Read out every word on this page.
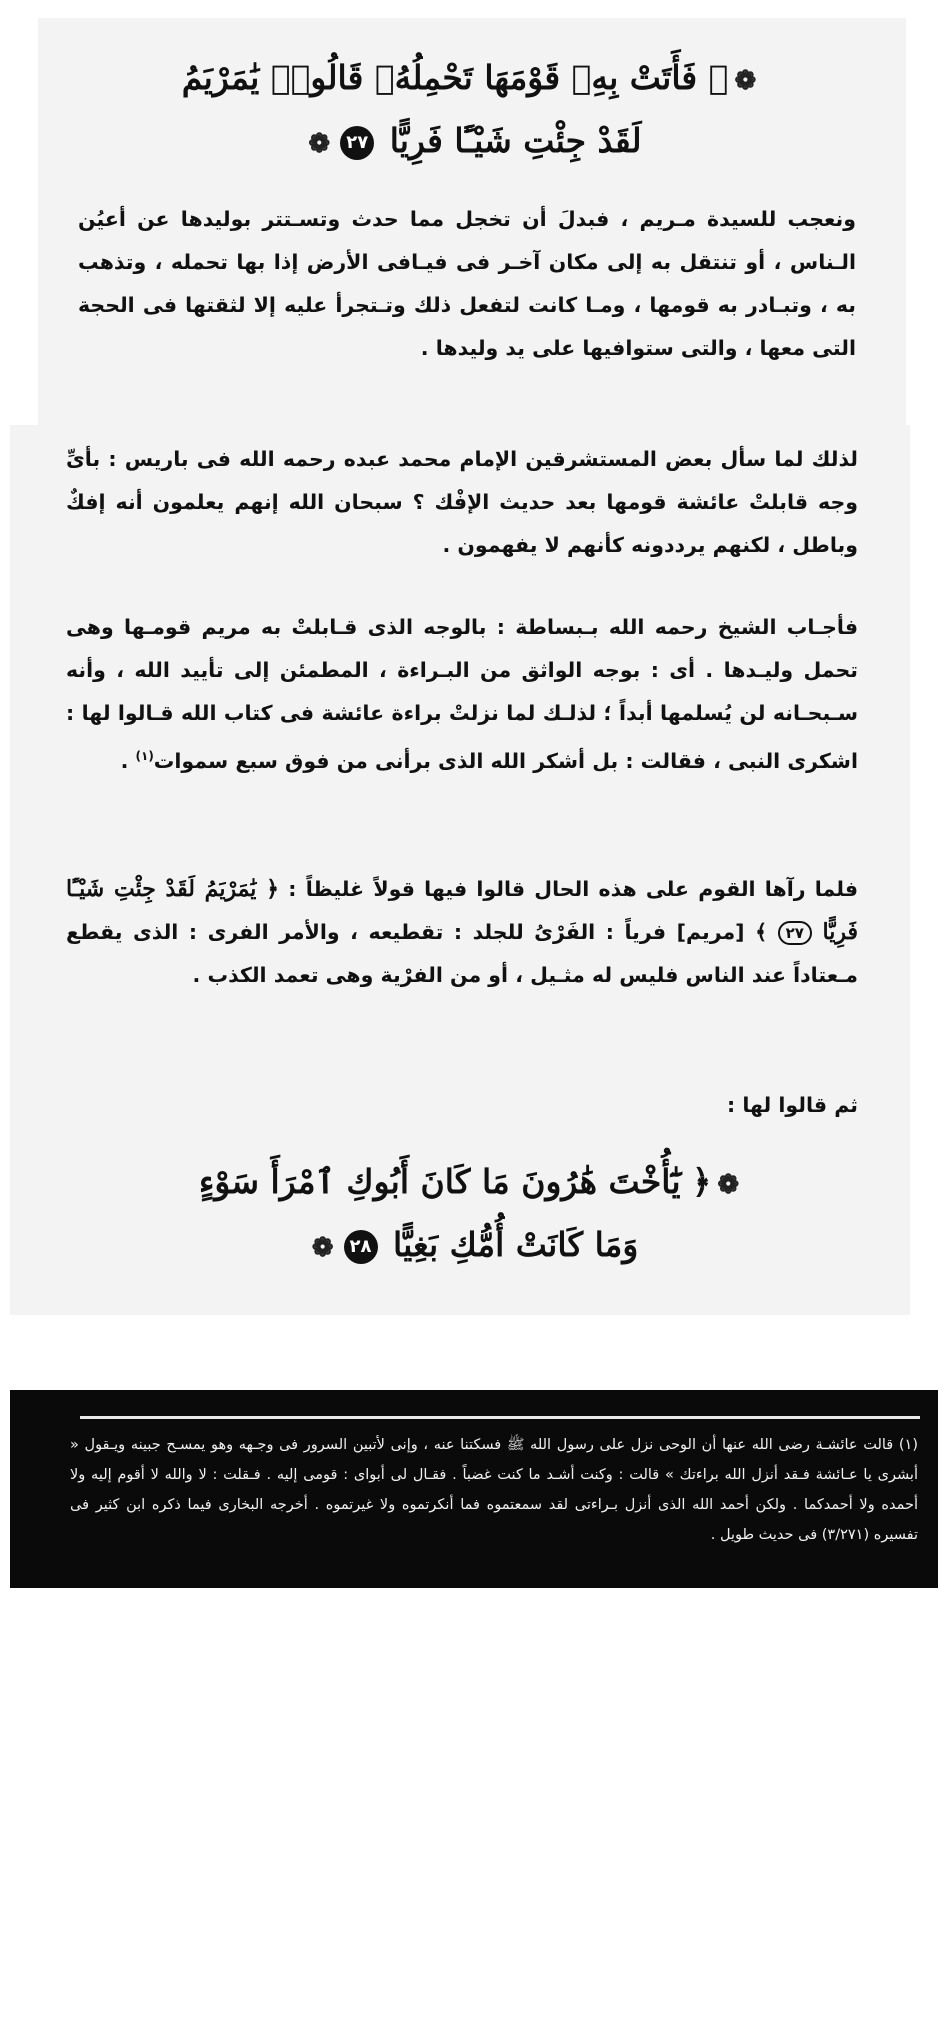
❁﴿ فَأَتَتْ بِهِۦ قَوْمَهَا تَحْمِلُهُۥ قَالُوا۟ يَٰمَرْيَمُ
لَقَدْ جِئْتِ شَيْـًٔا فَرِيًّا ٢٧❁

ونعجب للسيدة مـريم ، فبدلَ أن تخجل مما حدث وتسـتتر بوليدها عن أعيُن الـناس ، أو تنتقل به إلى مكان آخـر فى فيـافى الأرض إذا بها تحمله ، وتذهب به ، وتبـادر به قومها ، ومـا كانت لتفعل ذلك وتـتجرأ عليه إلا لثقتها فى الحجة التى معها ، والتى ستوافيها على يد وليدها .

لذلك لما سأل بعض المستشرقين الإمام محمد عبده رحمه الله فى باريس : بأىِّ وجه قابلتْ عائشة قومها بعد حديث الإفْك ؟ سبحان الله إنهم يعلمون أنه إفكٌ وباطل ، لكنهم يرددونه كأنهم لا يفهمون .

فأجـاب الشيخ رحمه الله بـبساطة : بالوجه الذى قـابلتْ به مريم قومـها وهى تحمل وليـدها . أى : بوجه الواثق من البـراءة ، المطمئن إلى تأييد الله ، وأنه سـبحـانه لن يُسلمها أبداً ؛ لذلـك لما نزلتْ براءة عائشة فى كتاب الله قـالوا لها : اشكرى النبى ، فقالت : بل أشكر الله الذى برأنى من فوق سبع سموات$^{(١)}$ .

فلما رآها القوم على هذه الحال قالوا فيها قولاً غليظاً : ﴿ يَٰمَرْيَمُ لَقَدْ جِئْتِ شَيْـًٔا فَرِيًّا ٢٧ ﴾ [مريم] فرياً : الفَرْىُ للجلد : تقطيعه ، والأمر الفرى : الذى يقطع مـعتاداً عند الناس فليس له مثـيل ، أو من الفرْية وهى تعمد الكذب .

ثم قالوا لها :

❁﴿ يَٰٓأُخْتَ هَٰرُونَ مَا كَانَ أَبُوكِ ٱمْرَأَ سَوْءٍ
وَمَا كَانَتْ أُمُّكِ بَغِيًّا ٢٨❁

(١) قالت عائشـة رضى الله عنها أن الوحى نزل على رسول الله ﷺ فسكتنا عنه ، وإنى لأتبين السرور فى وجـهه وهو يمسـح جبينه ويـقول « أبشرى يا عـائشة فـقد أنزل الله براءتك » قالت : وكنت أشـد ما كنت غضباً . فقـال لى أبواى : قومى إليه . فـقلت : لا والله لا أقوم إليه ولا أحمده ولا أحمدكما . ولكن أحمد الله الذى أنزل بـراءتى لقد سمعتموه فما أنكرتموه ولا غيرتموه . أخرجه البخارى فيما ذكره ابن كثير فى تفسيره (٣/٢٧١) فى حديث طويل .
